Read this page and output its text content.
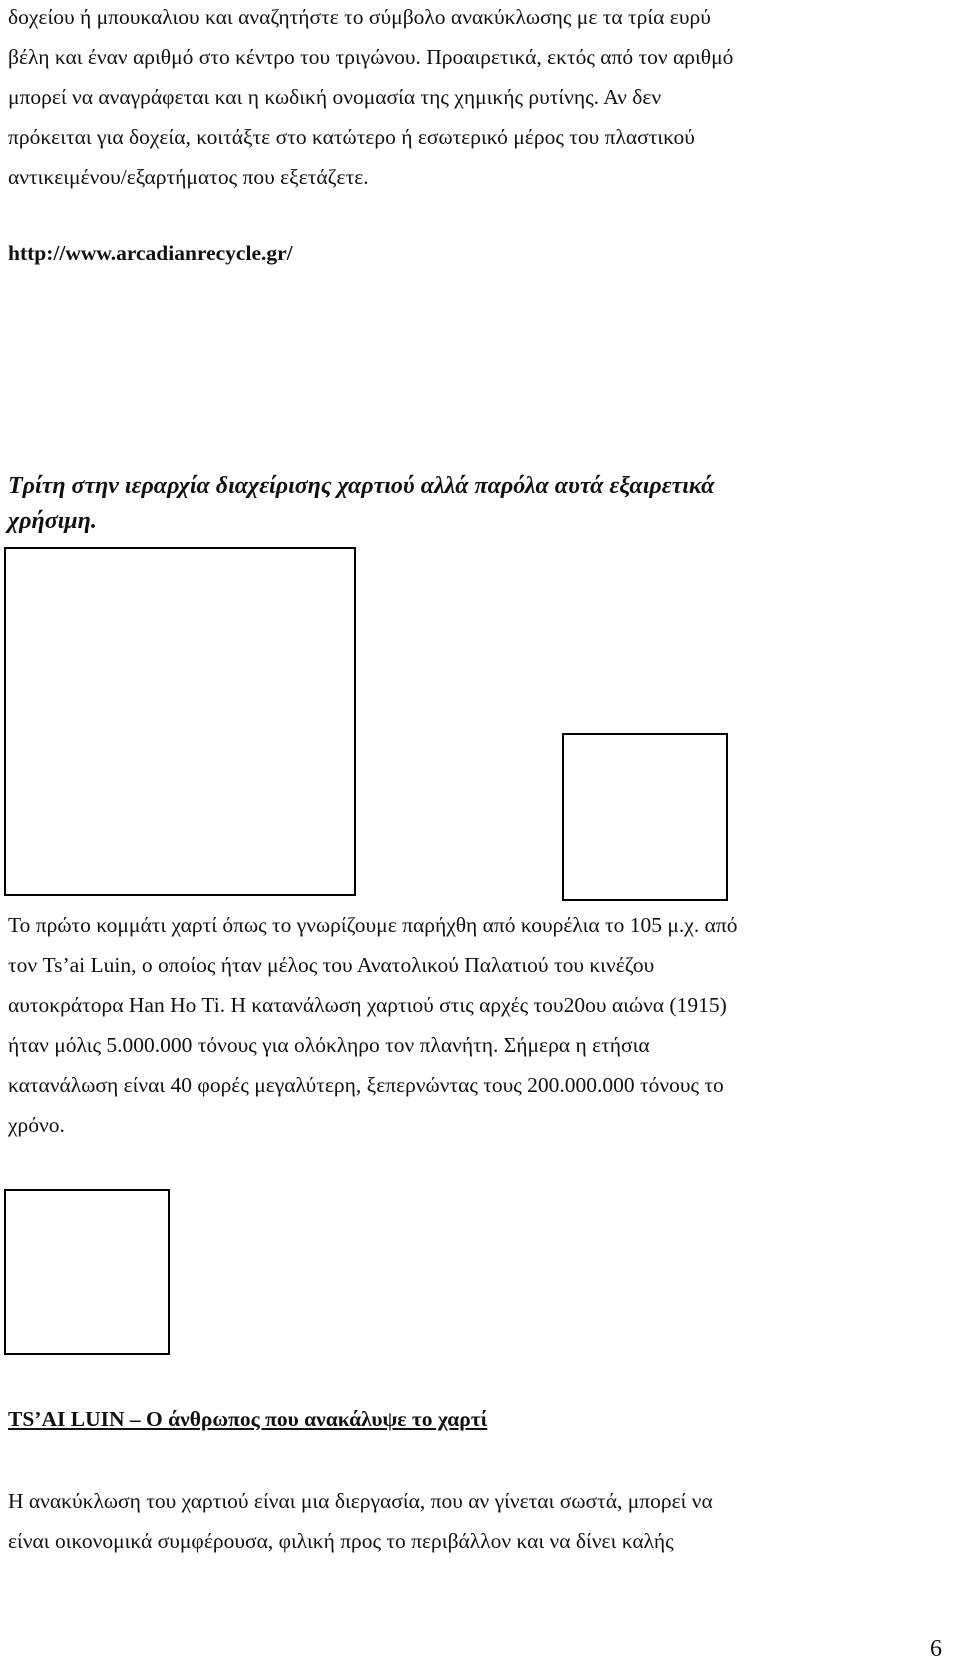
δοχείου ή μπουκαλιου και αναζητήστε το σύμβολο ανακύκλωσης με τα τρία ευρύ
βέλη και έναν αριθμό στο κέντρο του τριγώνου. Προαιρετικά, εκτός από τον αριθμό
μπορεί να αναγράφεται και η κωδική ονομασία της χημικής ρυτίνης. Αν δεν
πρόκειται για δοχεία, κοιτάξτε στο κατώτερο ή εσωτερικό μέρος του πλαστικού
αντικειμένου/εξαρτήματος που εξετάζετε.
http://www.arcadianrecycle.gr/
Τρίτη στην ιεραρχία διαχείρισης χαρτιού αλλά παρόλα αυτά εξαιρετικά
χρήσιμη.
Το πρώτο κομμάτι χαρτί όπως το γνωρίζουμε παρήχθη από κουρέλια το 105 μ.χ. από
τον Ts’ai Luin, ο οποίος ήταν μέλος του Ανατολικού Παλατιού του κινέζου
αυτοκράτορα Han Ho Ti. Η κατανάλωση χαρτιού στις αρχές του20ου αιώνα (1915)
ήταν μόλις 5.000.000 τόνους για ολόκληρο τον πλανήτη. Σήμερα η ετήσια
κατανάλωση είναι 40 φορές μεγαλύτερη, ξεπερνώντας τους 200.000.000 τόνους το
χρόνο.
TS’AI LUIN – O άνθρωπος που ανακάλυψε το χαρτί
Η ανακύκλωση του χαρτιού είναι μια διεργασία, που αν γίνεται σωστά, μπορεί να
είναι οικονομικά συμφέρουσα, φιλική προς το περιβάλλον και να δίνει καλής
6
